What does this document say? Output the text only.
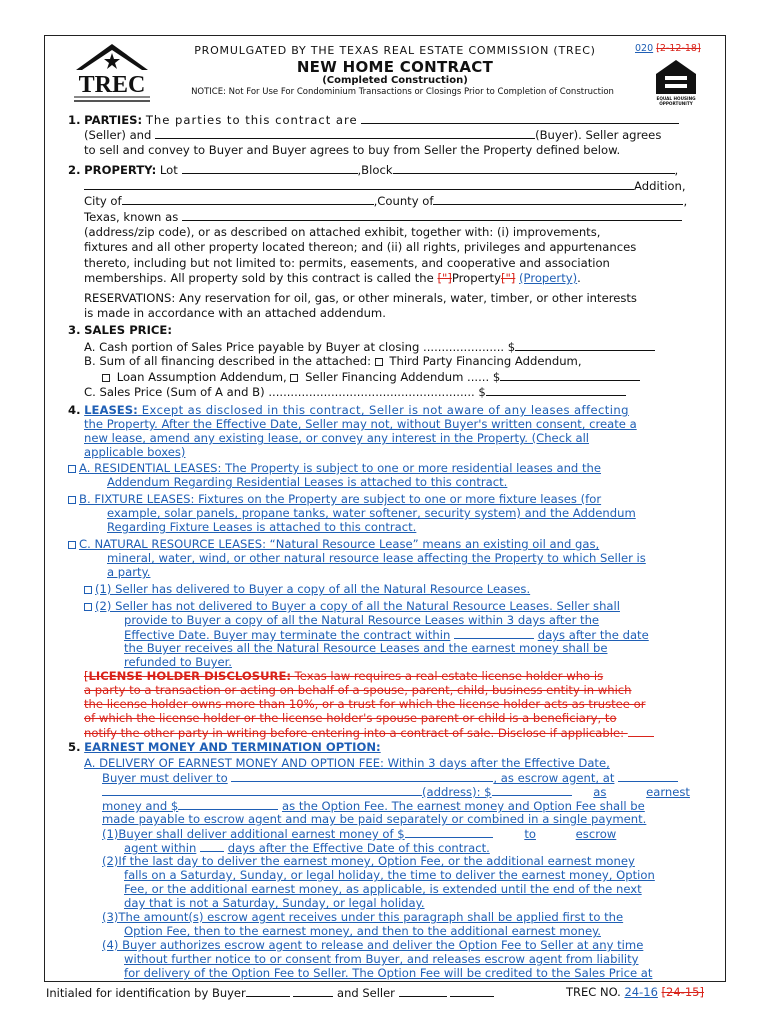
TREC
EQUAL HOUSING
OPPORTUNITY
PROMULGATED BY THE TEXAS REAL ESTATE COMMISSION (TREC)
NEW HOME CONTRACT
(Completed Construction)
NOTICE: Not For Use For Condominium Transactions or Closings Prior to Completion of Construction
020 [2-12-18]
1. PARTIES: The parties to this contract are
(Seller) and	(Buyer). Seller agrees
to sell and convey to Buyer and Buyer agrees to buy from Seller the Property defined below.
2. PROPERTY: Lot	,Block	,
Addition,
City of	,County of	,
Texas, known as
(address/zip code), or as described on attached exhibit, together with: (i) improvements,
fixtures and all other property located thereon; and (ii) all rights, privileges and appurtenances
thereto, including but not limited to: permits, easements, and cooperative and association
memberships. All property sold by this contract is called the ["]Property["] (Property).
RESERVATIONS: Any reservation for oil, gas, or other minerals, water, timber, or other interests
is made in accordance with an attached addendum.
3. SALES PRICE:
A. Cash portion of Sales Price payable by Buyer at closing ...................... $
B. Sum of all financing described in the attached: Third Party Financing Addendum,
Loan Assumption Addendum, Seller Financing Addendum ...... $
C. Sales Price (Sum of A and B) ........................................................ $
4. LEASES: Except as disclosed in this contract, Seller is not aware of any leases affecting
the Property. After the Effective Date, Seller may not, without Buyer's written consent, create a
new lease, amend any existing lease, or convey any interest in the Property. (Check all
applicable boxes)
A. RESIDENTIAL LEASES: The Property is subject to one or more residential leases and the
Addendum Regarding Residential Leases is attached to this contract.
B. FIXTURE LEASES: Fixtures on the Property are subject to one or more fixture leases (for
example, solar panels, propane tanks, water softener, security system) and the Addendum
Regarding Fixture Leases is attached to this contract.
C. NATURAL RESOURCE LEASES: “Natural Resource Lease” means an existing oil and gas,
mineral, water, wind, or other natural resource lease affecting the Property to which Seller is
a party.
(1) Seller has delivered to Buyer a copy of all the Natural Resource Leases.
(2) Seller has not delivered to Buyer a copy of all the Natural Resource Leases. Seller shall
provide to Buyer a copy of all the Natural Resource Leases within 3 days after the
Effective Date. Buyer may terminate the contract within	days after the date
the Buyer receives all the Natural Resource Leases and the earnest money shall be
refunded to Buyer.
[LICENSE HOLDER DISCLOSURE: Texas law requires a real estate license holder who is
a party to a transaction or acting on behalf of a spouse, parent, child, business entity in which
the license holder owns more than 10%, or a trust for which the license holder acts as trustee or
of which the license holder or the license holder's spouse parent or child is a beneficiary, to
notify the other party in writing before entering into a contract of sale. Disclose if applicable:
5. EARNEST MONEY AND TERMINATION OPTION:
A. DELIVERY OF EARNEST MONEY AND OPTION FEE: Within 3 days after the Effective Date,
Buyer must deliver to	, as escrow agent, at
(address): $	as	earnest
money and $	as the Option Fee. The earnest money and Option Fee shall be
made payable to escrow agent and may be paid separately or combined in a single payment.
(1)Buyer shall deliver additional earnest money of $	to	escrow
agent within	days after the Effective Date of this contract.
(2)If the last day to deliver the earnest money, Option Fee, or the additional earnest money
falls on a Saturday, Sunday, or legal holiday, the time to deliver the earnest money, Option
Fee, or the additional earnest money, as applicable, is extended until the end of the next
day that is not a Saturday, Sunday, or legal holiday.
(3)The amount(s) escrow agent receives under this paragraph shall be applied first to the
Option Fee, then to the earnest money, and then to the additional earnest money.
(4) Buyer authorizes escrow agent to release and deliver the Option Fee to Seller at any time
without further notice to or consent from Buyer, and releases escrow agent from liability
for delivery of the Option Fee to Seller. The Option Fee will be credited to the Sales Price at
Initialed for identification by Buyer	and Seller	TREC NO. 24-16 [24-15]
